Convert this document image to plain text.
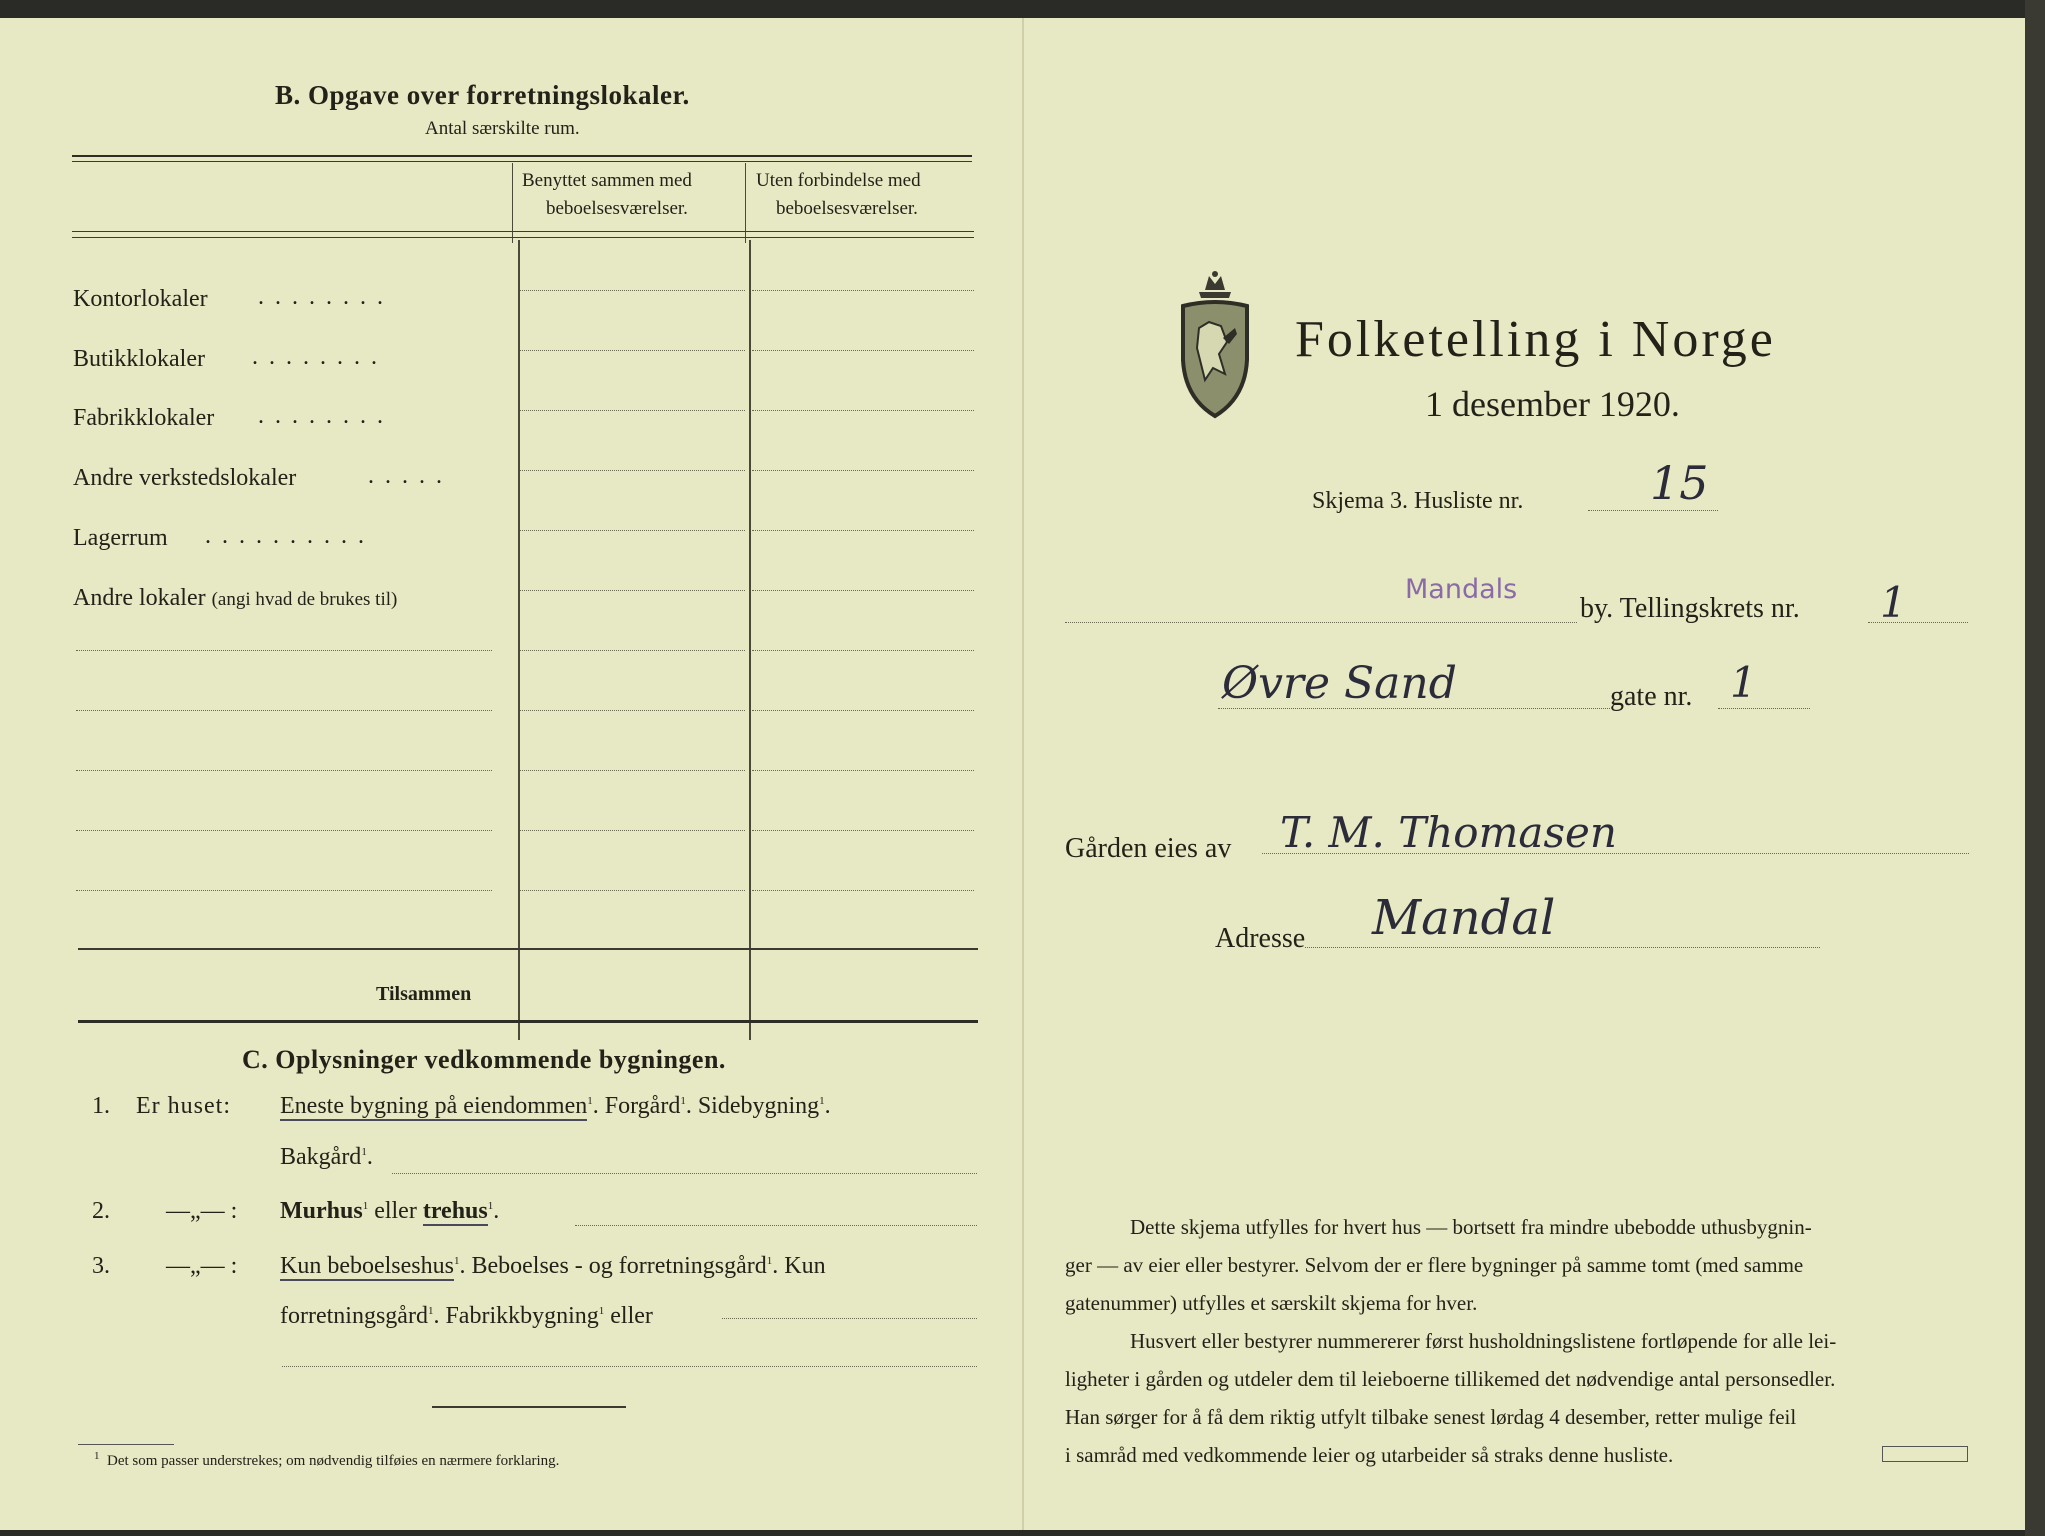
B. Opgave over forretningslokaler.
Antal særskilte rum.
Benyttet sammen med
beboelsesværelser.
Uten forbindelse med
beboelsesværelser.
Kontorlokaler ........
Butikklokaler ........
Fabrikklokaler ........
Andre verkstedslokaler	.....
Lagerrum ..........
Andre lokaler (angi hvad de brukes til)
Tilsammen
C. Oplysninger vedkommende bygningen.
1. Er huset: Eneste bygning på eiendommen$^1$. Forgård$^1$. Sidebygning$^1$.
Bakgård$^1$.
2. —„— : Murhus$^1$ eller trehus$^1$.
3. —„— : Kun beboelseshus$^1$. Beboelses - og forretningsgård$^1$. Kun
forretningsgård$^1$. Fabrikkbygning$^1$ eller
$^1$ Det som passer understrekes; om nødvendig tilføies en nærmere forklaring.
Folketelling i Norge
1 desember 1920.
Skjema 3. Husliste nr.	15
Mandals
by. Tellingskrets nr. 1
Øvre Sand	gate nr. 1
Gården eies av T. M. Thomasen
Adresse Mandal
Dette skjema utfylles for hvert hus — bortsett fra mindre ubebodde uthusbygnin-
ger — av eier eller bestyrer. Selvom der er flere bygninger på samme tomt (med samme
gatenummer) utfylles et særskilt skjema for hver.
Husvert eller bestyrer nummererer først husholdningslistene fortløpende for alle lei-
ligheter i gården og utdeler dem til leieboerne tillikemed det nødvendige antal personsedler.
Han sørger for å få dem riktig utfylt tilbake senest lørdag 4 desember, retter mulige feil
i samråd med vedkommende leier og utarbeider så straks denne husliste.
